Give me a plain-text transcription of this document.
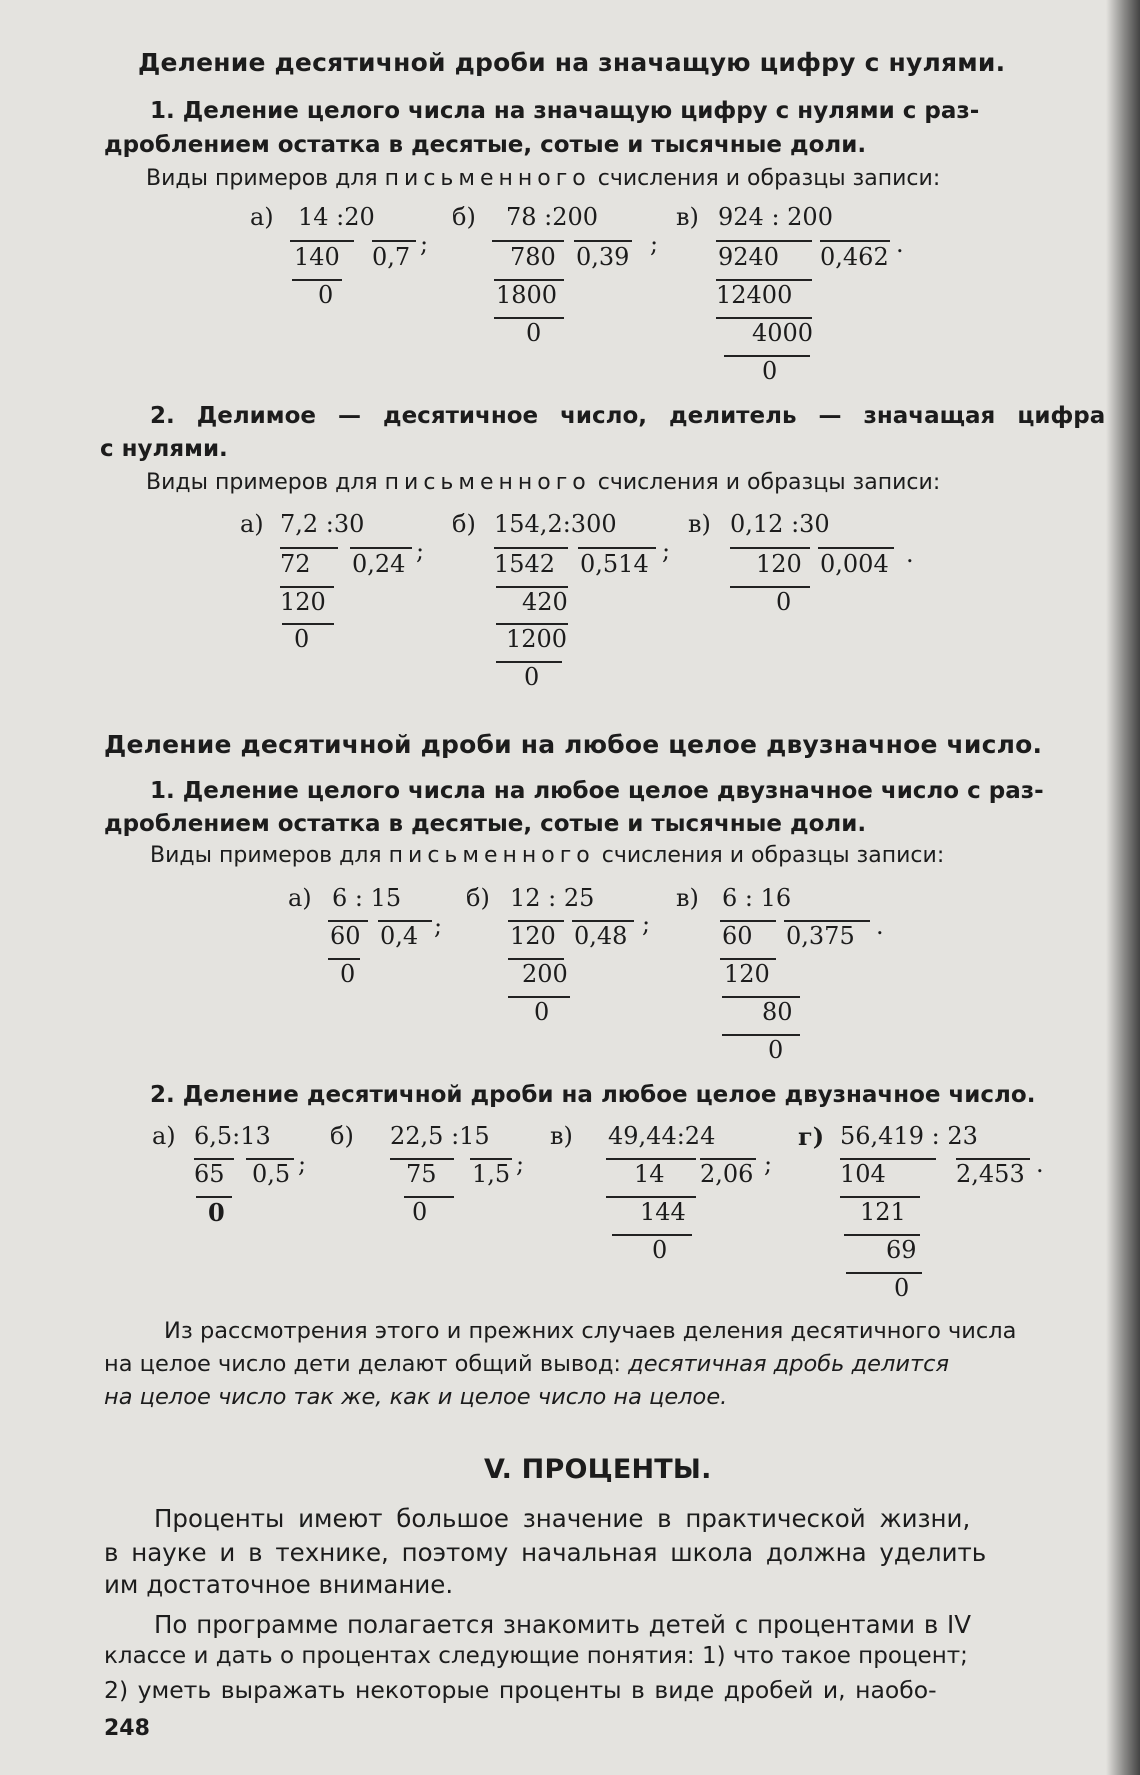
Деление десятичной дроби на значащую цифру с нулями.
1. Деление целого числа на значащую цифру с нулями с раз-
дроблением остатка в десятые, сотые и тысячные доли.
Виды примеров для письменного счисления и образцы записи:
а) 14 :20
140 0,7 ;
0
б) 78 :200
780 0,39 ;
1800
0
в) 924 : 200
9240 0,462 .
12400
4000
0
2. Делимое — десятичное число, делитель — значащая цифра
с нулями.
Виды примеров для письменного счисления и образцы записи:
а) 7,2 :30
72 0,24 ;
120
0
б) 154,2:300
1542 0,514 ;
420
1200
0
в) 0,12 :30
120 0,004 .
0
Деление десятичной дроби на любое целое двузначное число.
1. Деление целого числа на любое целое двузначное число с раз-
дроблением остатка в десятые, сотые и тысячные доли.
Виды примеров для письменного счисления и образцы записи:
а) 6 : 15
60 0,4 ;
0
б) 12 : 25
120 0,48 ;
200
0
в) 6 : 16
60 0,375 .
120
80
0
2. Деление десятичной дроби на любое целое двузначное число.
а) 6,5:13
65 0,5 ;
0
б) 22,5 :15
75 1,5 ;
0
в) 49,44:24
14 2,06 ;
144
0
г) 56,419 : 23
104	2,453 .
121
69
0
Из рассмотрения этого и прежних случаев деления десятичного числа
на целое число дети делают общий вывод: десятичная дробь делится
на целое число так же, как и целое число на целое.
V. ПРОЦЕНТЫ.
Проценты имеют большое значение в практической жизни,
в науке и в технике, поэтому начальная школа должна уделить
им достаточное внимание.
По программе полагается знакомить детей с процентами в IV
классе и дать о процентах следующие понятия: 1) что такое процент;
2) уметь выражать некоторые проценты в виде дробей и, наобо-
248
